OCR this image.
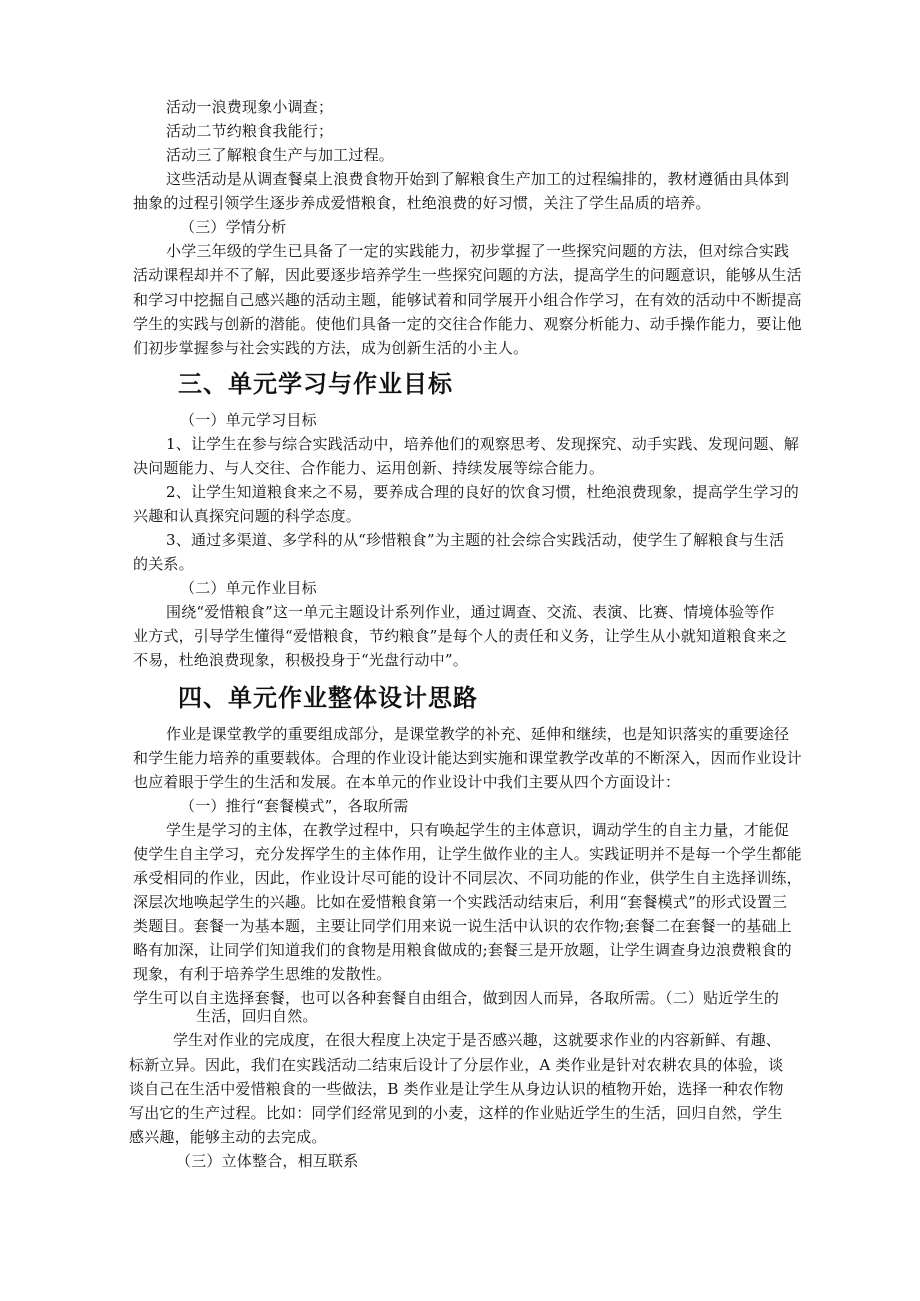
活动一浪费现象小调查；
活动二节约粮食我能行；
活动三了解粮食生产与加工过程。
这些活动是从调查餐桌上浪费食物开始到了解粮食生产加工的过程编排的，教材遵循由具体到
抽象的过程引领学生逐步养成爱惜粮食，杜绝浪费的好习惯，关注了学生品质的培养。
（三）学情分析
小学三年级的学生已具备了一定的实践能力，初步掌握了一些探究问题的方法，但对综合实践
活动课程却并不了解，因此要逐步培养学生一些探究问题的方法，提高学生的问题意识，能够从生活
和学习中挖掘自己感兴趣的活动主题，能够试着和同学展开小组合作学习，在有效的活动中不断提高
学生的实践与创新的潜能。使他们具备一定的交往合作能力、观察分析能力、动手操作能力，要让他
们初步掌握参与社会实践的方法，成为创新生活的小主人。
三、单元学习与作业目标
（一）单元学习目标
1、让学生在参与综合实践活动中，培养他们的观察思考、发现探究、动手实践、发现问题、解
决问题能力、与人交往、合作能力、运用创新、持续发展等综合能力。
2、让学生知道粮食来之不易，要养成合理的良好的饮食习惯，杜绝浪费现象，提高学生学习的
兴趣和认真探究问题的科学态度。
3、通过多渠道、多学科的从“珍惜粮食”为主题的社会综合实践活动，使学生了解粮食与生活
的关系。
（二）单元作业目标
围绕“爱惜粮食”这一单元主题设计系列作业，通过调查、交流、表演、比赛、情境体验等作
业方式，引导学生懂得“爱惜粮食，节约粮食”是每个人的责任和义务，让学生从小就知道粮食来之
不易，杜绝浪费现象，积极投身于“光盘行动中”。
四、单元作业整体设计思路
作业是课堂教学的重要组成部分，是课堂教学的补充、延伸和继续，也是知识落实的重要途径
和学生能力培养的重要载体。合理的作业设计能达到实施和课堂教学改革的不断深入，因而作业设计
也应着眼于学生的生活和发展。在本单元的作业设计中我们主要从四个方面设计：
（一）推行“套餐模式”，各取所需
学生是学习的主体，在教学过程中，只有唤起学生的主体意识，调动学生的自主力量，才能促
使学生自主学习，充分发挥学生的主体作用，让学生做作业的主人。实践证明并不是每一个学生都能
承受相同的作业，因此，作业设计尽可能的设计不同层次、不同功能的作业，供学生自主选择训练，
深层次地唤起学生的兴趣。比如在爱惜粮食第一个实践活动结束后，利用“套餐模式”的形式设置三
类题目。套餐一为基本题，主要让同学们用来说一说生活中认识的农作物;套餐二在套餐一的基础上
略有加深，让同学们知道我们的食物是用粮食做成的;套餐三是开放题，让学生调查身边浪费粮食的
现象，有利于培养学生思维的发散性。
学生可以自主选择套餐，也可以各种套餐自由组合，做到因人而异，各取所需。（二）贴近学生的
生活，回归自然。
学生对作业的完成度，在很大程度上决定于是否感兴趣，这就要求作业的内容新鲜、有趣、
标新立异。因此，我们在实践活动二结束后设计了分层作业，A 类作业是针对农耕农具的体验，谈
谈自己在生活中爱惜粮食的一些做法，B 类作业是让学生从身边认识的植物开始，选择一种农作物
写出它的生产过程。比如：同学们经常见到的小麦，这样的作业贴近学生的生活，回归自然，学生
感兴趣，能够主动的去完成。
（三）立体整合，相互联系
